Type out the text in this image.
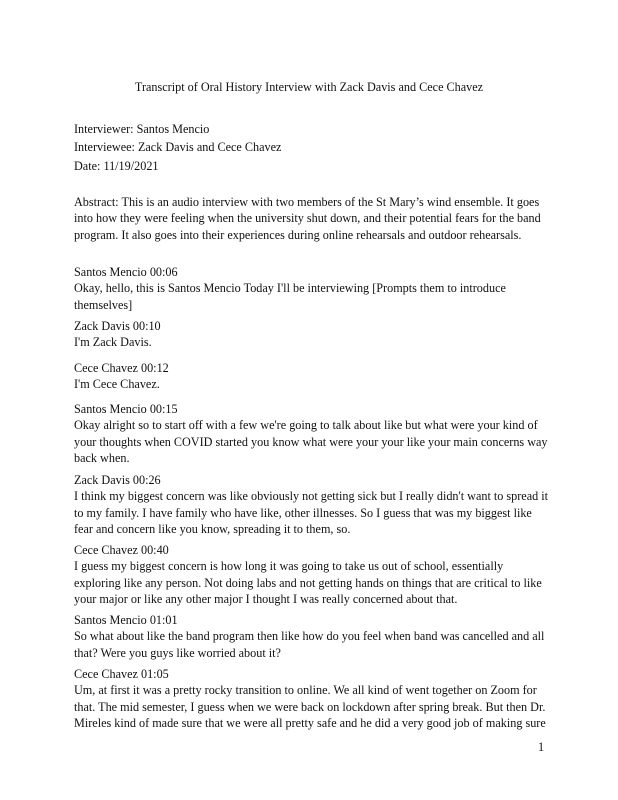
Transcript of Oral History Interview with Zack Davis and Cece Chavez
Interviewer: Santos Mencio
Interviewee: Zack Davis and Cece Chavez
Date: 11/19/2021

Abstract: This is an audio interview with two members of the St Mary’s wind ensemble. It goes into how they were feeling when the university shut down, and their potential fears for the band program. It also goes into their experiences during online rehearsals and outdoor rehearsals.

Santos Mencio 00:06

Okay, hello, this is Santos Mencio Today I'll be interviewing [Prompts them to introduce themselves]

Zack Davis 00:10

I'm Zack Davis.

Cece Chavez 00:12

I'm Cece Chavez.

Santos Mencio 00:15

Okay alright so to start off with a few we're going to talk about like but what were your kind of your thoughts when COVID started you know what were your your like your main concerns way back when.

Zack Davis 00:26

I think my biggest concern was like obviously not getting sick but I really didn't want to spread it to my family. I have family who have like, other illnesses. So I guess that was my biggest like fear and concern like you know, spreading it to them, so.

Cece Chavez 00:40

I guess my biggest concern is how long it was going to take us out of school, essentially exploring like any person. Not doing labs and not getting hands on things that are critical to like your major or like any other major I thought I was really concerned about that.

Santos Mencio 01:01

So what about like the band program then like how do you feel when band was cancelled and all that? Were you guys like worried about it?

Cece Chavez 01:05

Um, at first it was a pretty rocky transition to online. We all kind of went together on Zoom for that. The mid semester, I guess when we were back on lockdown after spring break. But then Dr. Mireles kind of made sure that we were all pretty safe and he did a very good job of making sure

1
